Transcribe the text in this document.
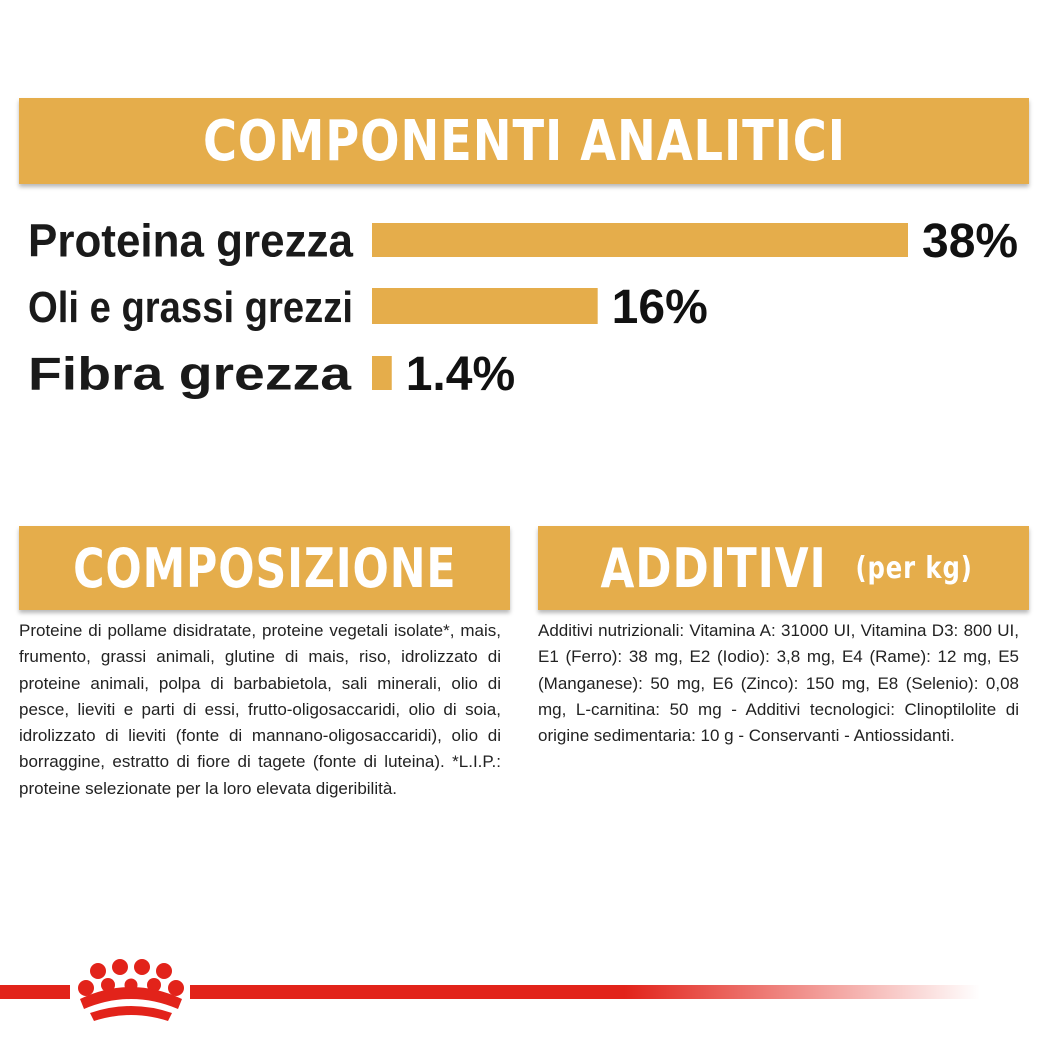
COMPONENTI ANALITICI
Proteina grezza	38%
Oli e grassi grezzi	16%
Fibra grezza 1.4%
COMPOSIZIONE
Proteine di pollame disidratate, proteine vegetali isolate*, mais, frumento, grassi animali, glutine di mais, riso, idrolizzato di proteine animali, polpa di barbabietola, sali minerali, olio di pesce, lieviti e parti di essi, frutto-oligosaccaridi, olio di soia, idrolizzato di lieviti (fonte di mannano-oligosaccaridi), olio di borraggine, estratto di fiore di tagete (fonte di luteina). *L.I.P.: proteine selezionate per la loro elevata digeribilità.
ADDITIVI (per kg)
Additivi nutrizionali: Vitamina A: 31000 UI, Vitamina D3: 800 UI, E1 (Ferro): 38 mg, E2 (Iodio): 3,8 mg, E4 (Rame): 12 mg, E5 (Manganese): 50 mg, E6 (Zinco): 150 mg, E8 (Selenio): 0,08 mg, L-carnitina: 50 mg - Additivi tecnologici: Clinoptilolite di origine sedimentaria: 10 g - Conservanti - Antiossidanti.
